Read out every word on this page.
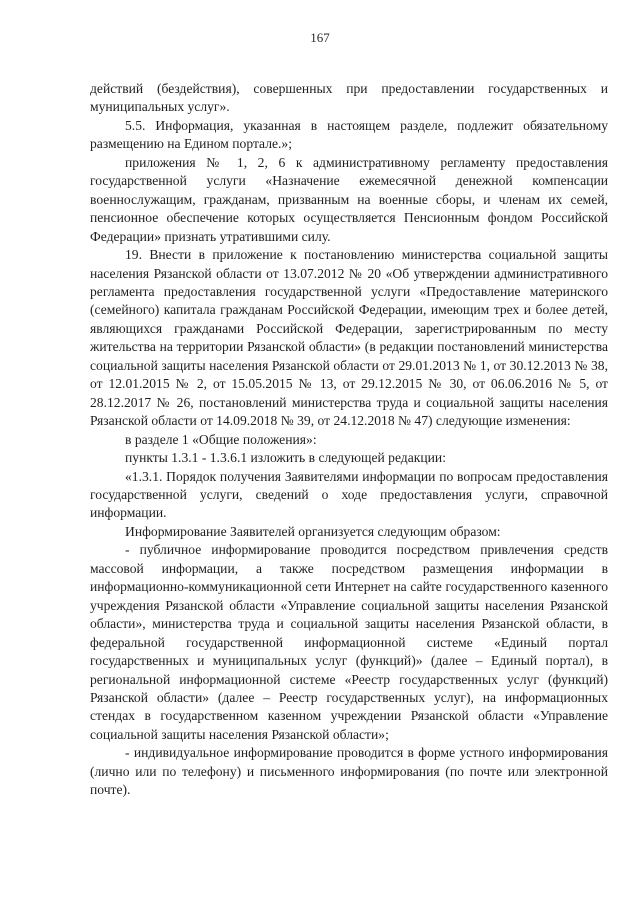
167

действий (бездействия), совершенных при предоставлении государственных и муниципальных услуг».

5.5. Информация, указанная в настоящем разделе, подлежит обязательному размещению на Едином портале.»;

приложения № 1, 2, 6 к административному регламенту предоставления государственной услуги «Назначение ежемесячной денежной компенсации военнослужащим, гражданам, призванным на военные сборы, и членам их семей, пенсионное обеспечение которых осуществляется Пенсионным фондом Российской Федерации» признать утратившими силу.

19. Внести в приложение к постановлению министерства социальной защиты населения Рязанской области от 13.07.2012 № 20 «Об утверждении административного регламента предоставления государственной услуги «Предоставление материнского (семейного) капитала гражданам Российской Федерации, имеющим трех и более детей, являющихся гражданами Российской Федерации, зарегистрированным по месту жительства на территории Рязанской области» (в редакции постановлений министерства социальной защиты населения Рязанской области от 29.01.2013 № 1, от 30.12.2013 № 38, от 12.01.2015 № 2, от 15.05.2015 № 13, от 29.12.2015 № 30, от 06.06.2016 № 5, от 28.12.2017 № 26, постановлений министерства труда и социальной защиты населения Рязанской области от 14.09.2018 № 39, от 24.12.2018 № 47) следующие изменения:

в разделе 1 «Общие положения»:

пункты 1.3.1 - 1.3.6.1 изложить в следующей редакции:

«1.3.1. Порядок получения Заявителями информации по вопросам предоставления государственной услуги, сведений о ходе предоставления услуги, справочной информации.

Информирование Заявителей организуется следующим образом:

- публичное информирование проводится посредством привлечения средств массовой информации, а также посредством размещения информации в информационно-коммуникационной сети Интернет на сайте государственного казенного учреждения Рязанской области «Управление социальной защиты населения Рязанской области», министерства труда и социальной защиты населения Рязанской области, в федеральной государственной информационной системе «Единый портал государственных и муниципальных услуг (функций)» (далее – Единый портал), в региональной информационной системе «Реестр государственных услуг (функций) Рязанской области» (далее – Реестр государственных услуг), на информационных стендах в государственном казенном учреждении Рязанской области «Управление социальной защиты населения Рязанской области»;

- индивидуальное информирование проводится в форме устного информирования (лично или по телефону) и письменного информирования (по почте или электронной почте).
